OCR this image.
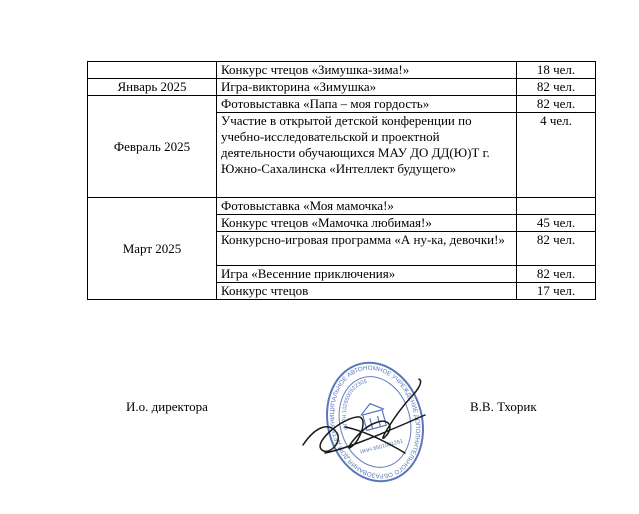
	Конкурс чтецов «Зимушка-зима!»	18 чел.
Январь 2025	Игра-викторина «Зимушка»	82 чел.
Февраль 2025	Фотовыставка «Папа – моя гордость»	82 чел.
	Участие в открытой детской конференции по учебно-исследовательской и проектной деятельности обучающихся МАУ ДО ДД(Ю)Т г. Южно-Сахалинска «Интеллект будущего»	4 чел.
Март 2025	Фотовыставка «Моя мамочка!»	
	Конкурс чтецов «Мамочка любимая!»	45 чел.
	Конкурсно-игровая программа «А ну-ка, девочки!»	82 чел.
	Игра «Весенние приключения»	82 чел.
	Конкурс чтецов	17 чел.
И.о. директора	В.В. Тхорик
МУНИЦИПАЛЬНОЕ АВТОНОМНОЕ УЧРЕЖДЕНИЕ ДОПОЛНИТЕЛЬНОГО ОБРАЗОВАНИЯ ДОМ ДЕТСКОГО
ОГРН 1026500522305
ИНН 6501001261
